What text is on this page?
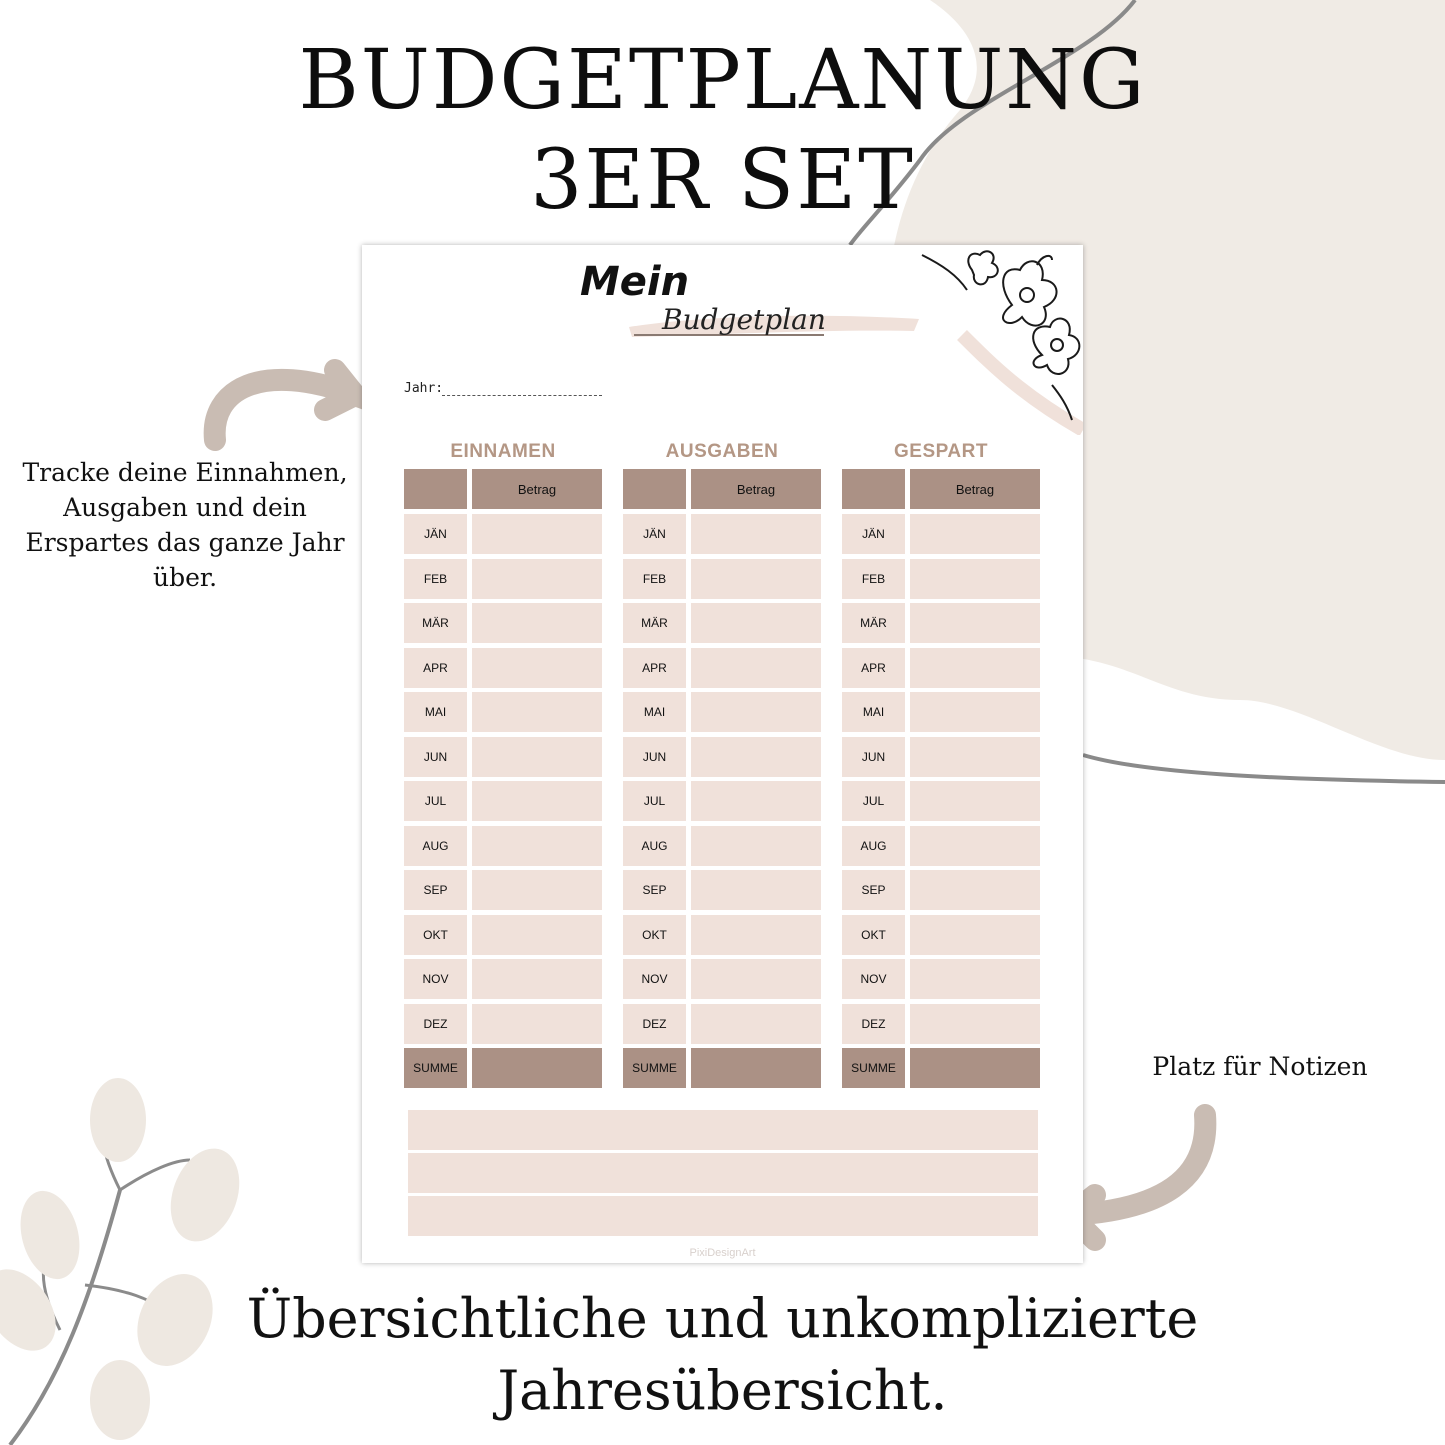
BUDGETPLANUNG
3ER SET
Tracke deine Einnahmen, Ausgaben und dein Erspartes das ganze Jahr über.
Platz für Notizen
Mein
Budgetplan
Jahr:
EINNAMEN
Betrag
JÄN
FEB
MÄR
APR
MAI
JUN
JUL
AUG
SEP
OKT
NOV
DEZ
SUMME
AUSGABEN
Betrag
JÄN
FEB
MÄR
APR
MAI
JUN
JUL
AUG
SEP
OKT
NOV
DEZ
SUMME
GESPART
Betrag
JÄN
FEB
MÄR
APR
MAI
JUN
JUL
AUG
SEP
OKT
NOV
DEZ
SUMME
PixiDesignArt
Übersichtliche und unkomplizierte
Jahresübersicht.
